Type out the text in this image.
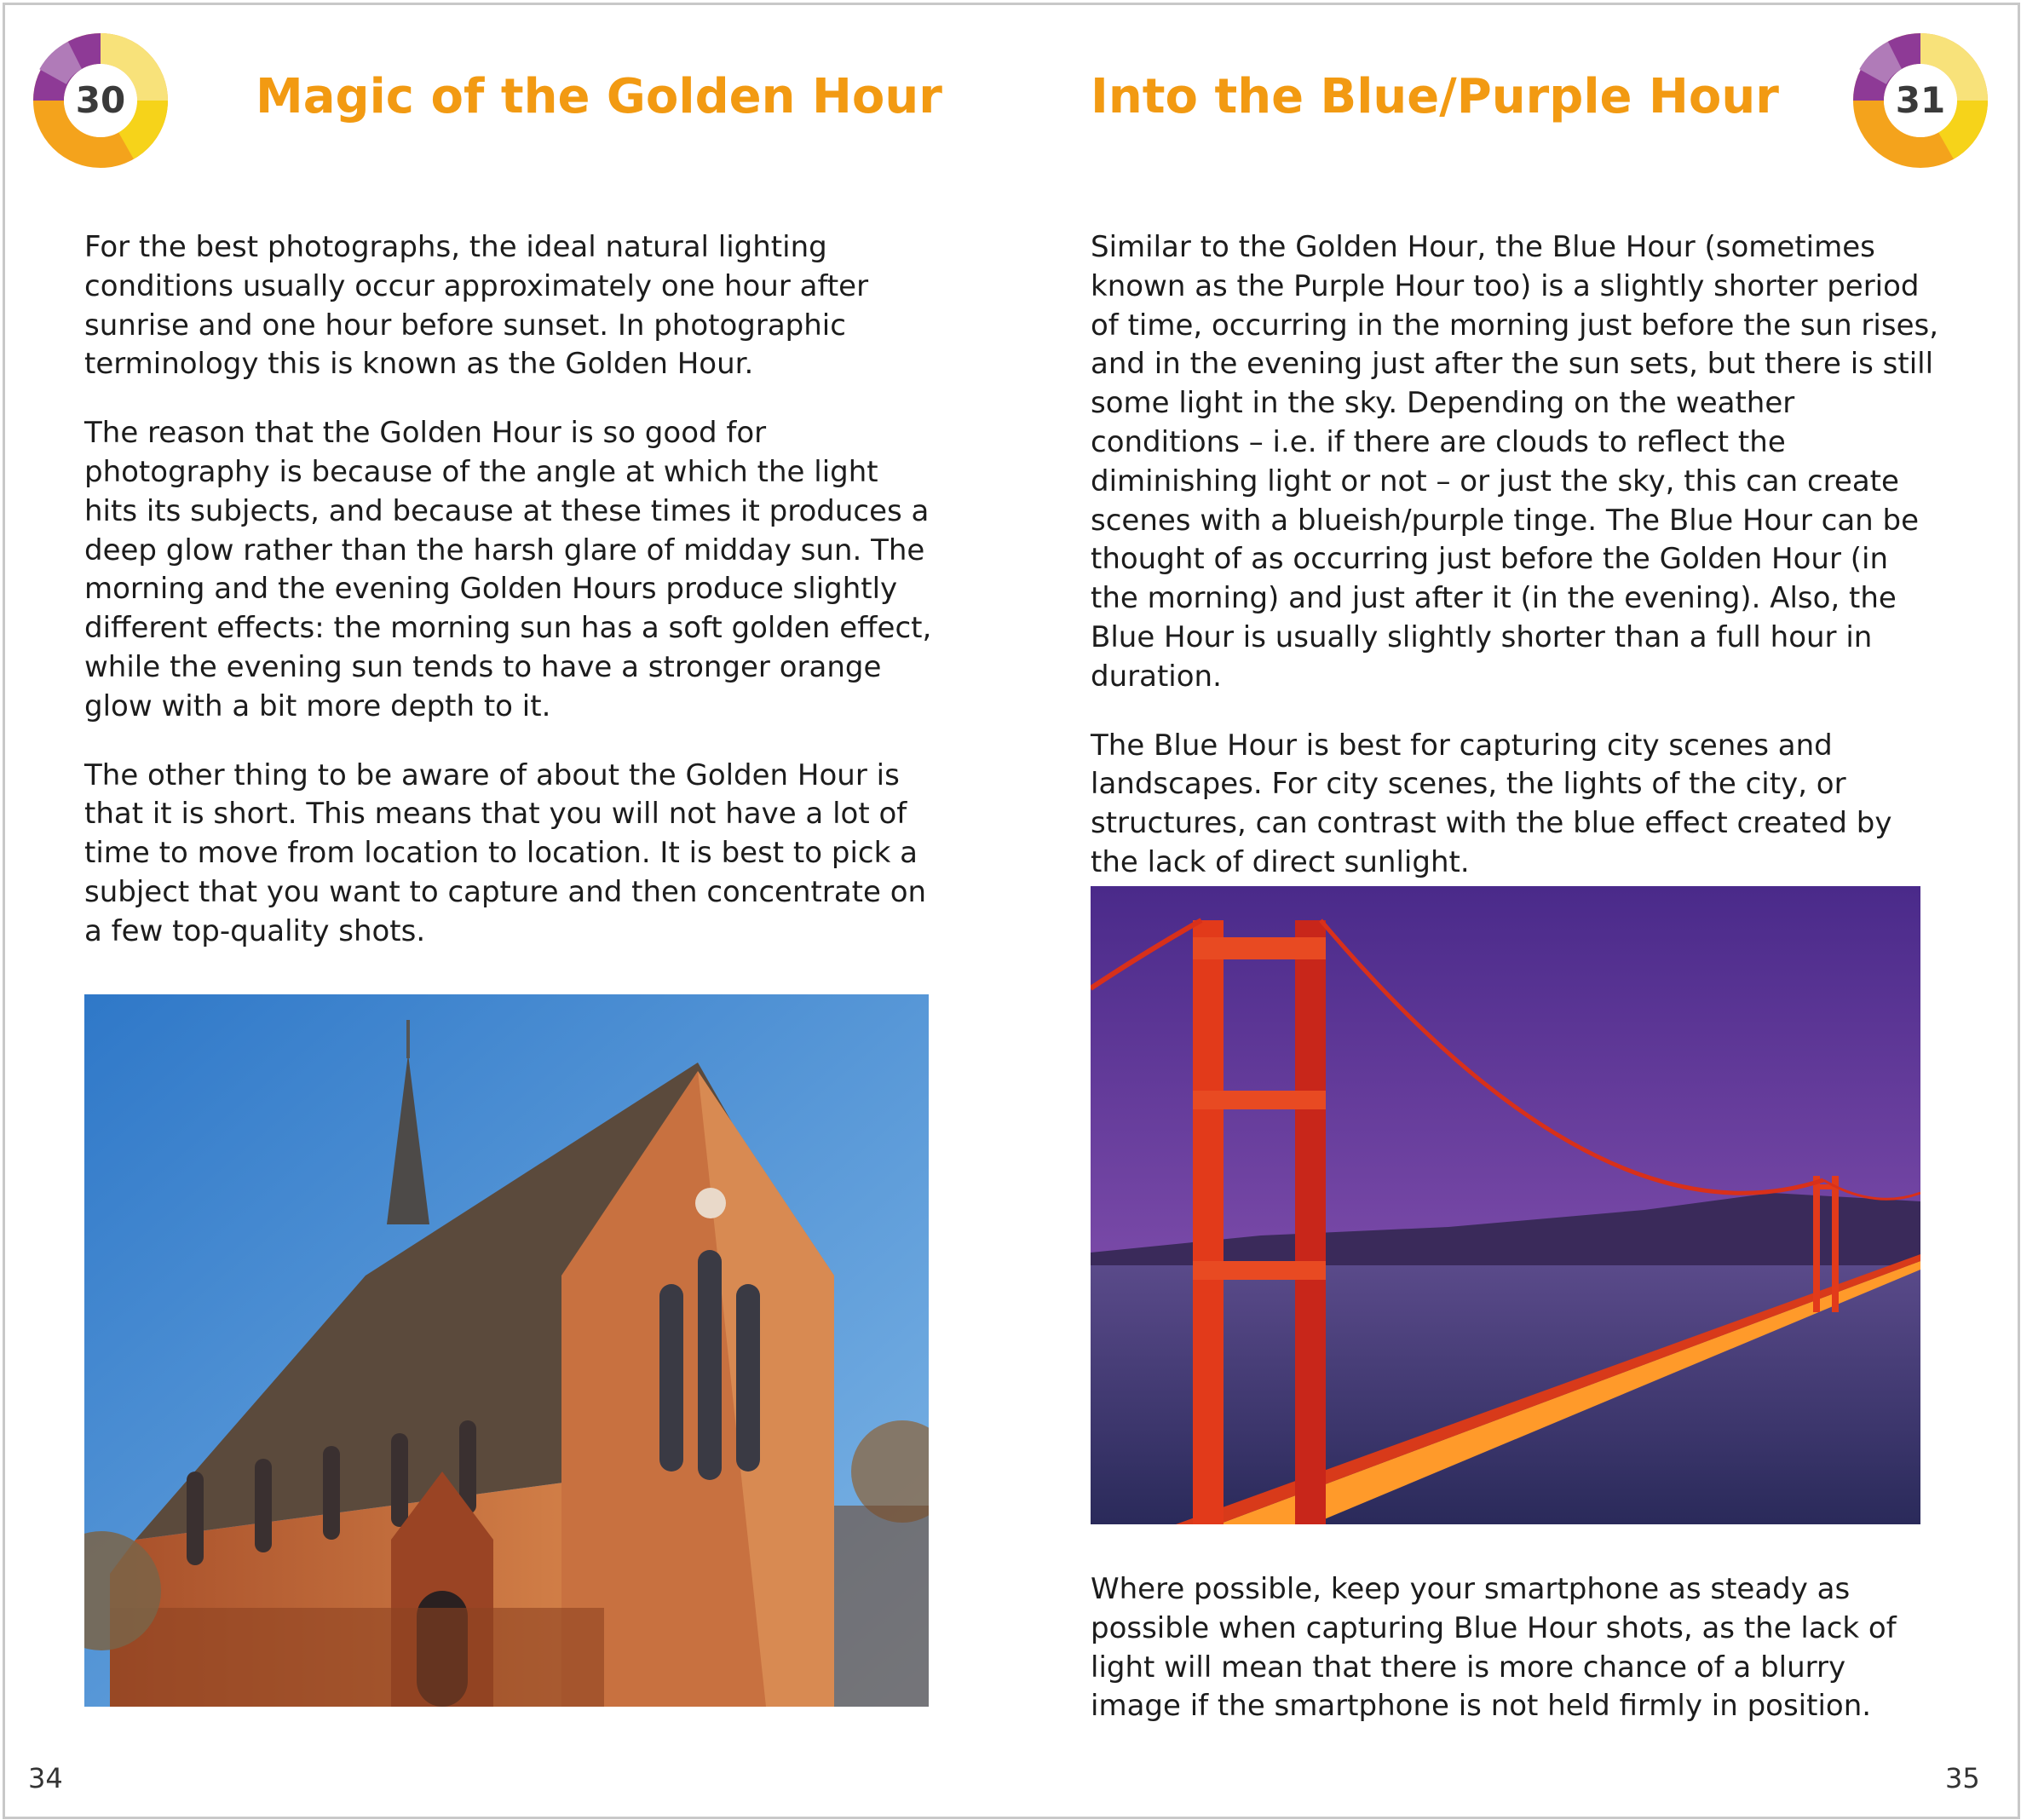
30	Magic of the Golden Hour

For the best photographs, the ideal natural lighting conditions usually occur approximately one hour after sunrise and one hour before sunset. In photographic terminology this is known as the Golden Hour.

The reason that the Golden Hour is so good for photography is because of the angle at which the light hits its subjects, and because at these times it produces a deep glow rather than the harsh glare of midday sun. The morning and the evening Golden Hours produce slightly different effects: the morning sun has a soft golden effect, while the evening sun tends to have a stronger orange glow with a bit more depth to it.

The other thing to be aware of about the Golden Hour is that it is short. This means that you will not have a lot of time to move from location to location. It is best to pick a subject that you want to capture and then concentrate on a few top-quality shots.

34
Into the Blue/Purple Hour	31

Similar to the Golden Hour, the Blue Hour (sometimes known as the Purple Hour too) is a slightly shorter period of time, occurring in the morning just before the sun rises, and in the evening just after the sun sets, but there is still some light in the sky. Depending on the weather conditions – i.e. if there are clouds to reflect the diminishing light or not – or just the sky, this can create scenes with a blueish/purple tinge. The Blue Hour can be thought of as occurring just before the Golden Hour (in the morning) and just after it (in the evening). Also, the Blue Hour is usually slightly shorter than a full hour in duration.

The Blue Hour is best for capturing city scenes and landscapes. For city scenes, the lights of the city, or structures, can contrast with the blue effect created by the lack of direct sunlight.

Where possible, keep your smartphone as steady as possible when capturing Blue Hour shots, as the lack of light will mean that there is more chance of a blurry image if the smartphone is not held firmly in position.

35
